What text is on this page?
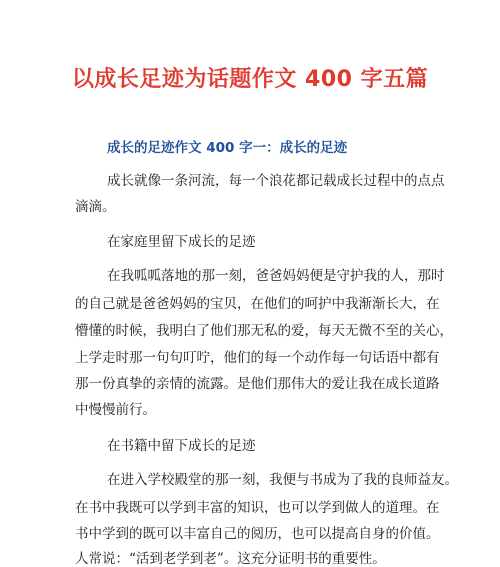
以成长足迹为话题作文 400 字五篇
成长的足迹作文 400 字一：成长的足迹
成长就像一条河流，每一个浪花都记载成长过程中的点点
滴滴。
在家庭里留下成长的足迹
在我呱呱落地的那一刻，爸爸妈妈便是守护我的人，那时
的自己就是爸爸妈妈的宝贝，在他们的呵护中我渐渐长大，在
懵懂的时候，我明白了他们那无私的爱，每天无微不至的关心，
上学走时那一句句叮咛，他们的每一个动作每一句话语中都有
那一份真挚的亲情的流露。是他们那伟大的爱让我在成长道路
中慢慢前行。
在书籍中留下成长的足迹
在进入学校殿堂的那一刻，我便与书成为了我的良师益友。
在书中我既可以学到丰富的知识，也可以学到做人的道理。在
书中学到的既可以丰富自己的阅历，也可以提高自身的价值。
人常说：“活到老学到老”。这充分证明书的重要性。
